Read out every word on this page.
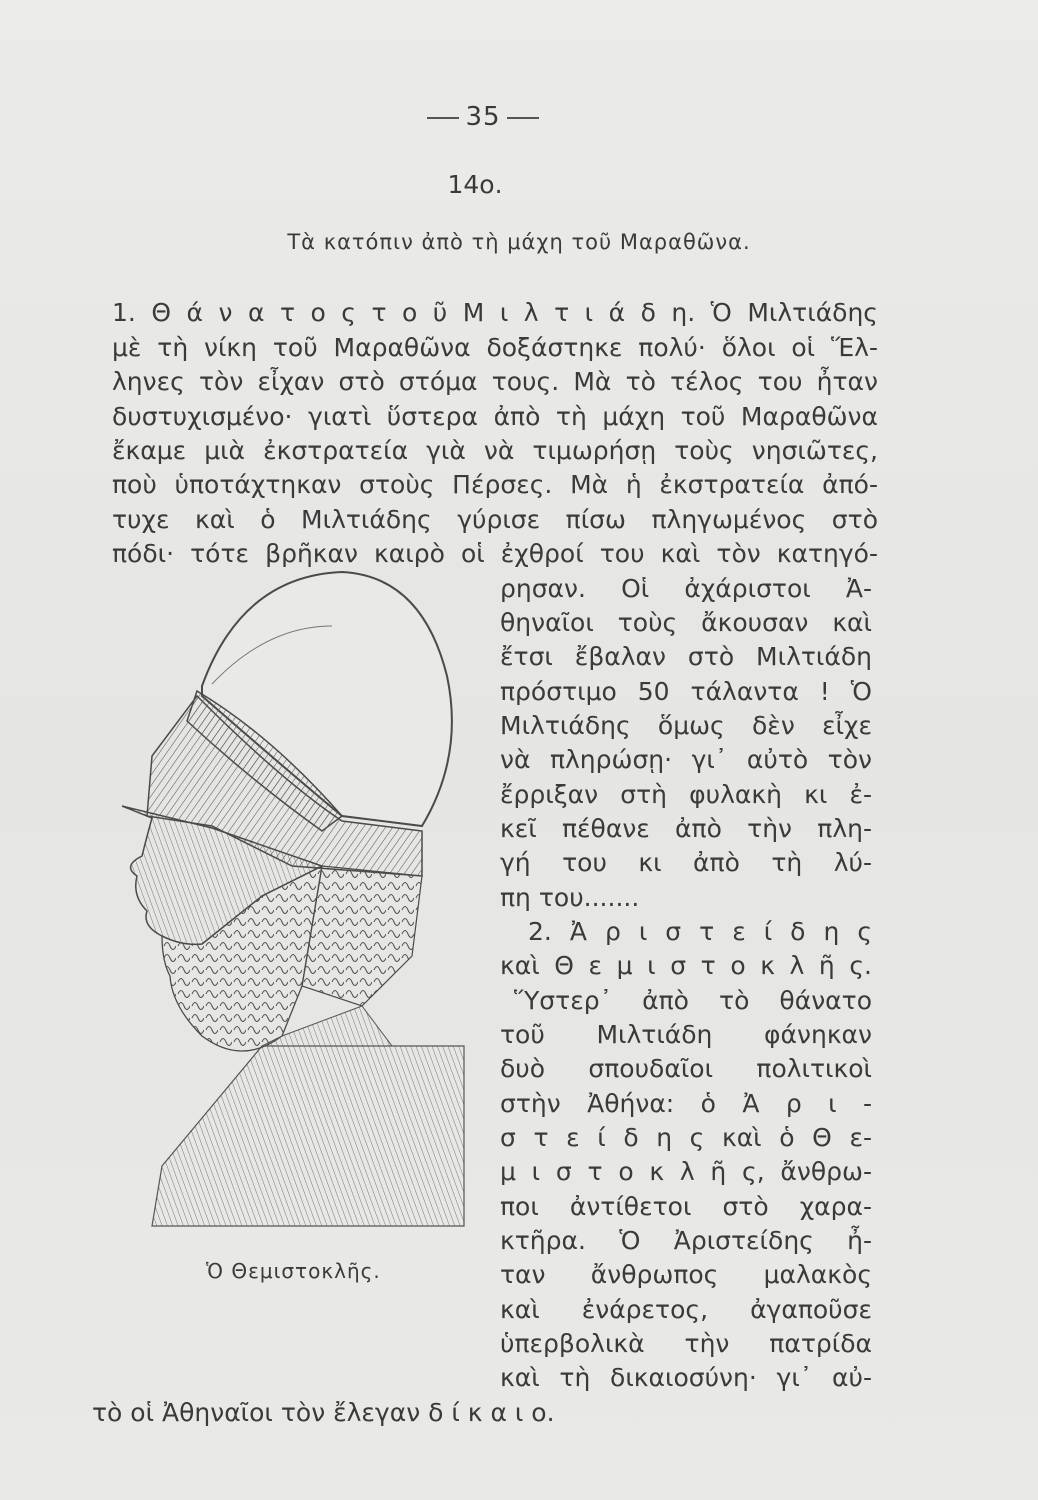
35
14ο.
Τὰ κατόπιν ἀπὸ τὴ μάχη τοῦ Μαραθῶνα.
1. Θ ά ν α τ ο ς τ ο ῦ Μ ι λ τ ι ά δ η. Ὁ Μιλτιάδης
μὲ τὴ νίκη τοῦ Μαραθῶνα δοξάστηκε πολύ· ὅλοι οἱ Ἕλ-
ληνες τὸν εἶχαν στὸ στόμα τους. Μὰ τὸ τέλος του ἦταν
δυστυχισμένο· γιατὶ ὕστερα ἀπὸ τὴ μάχη τοῦ Μαραθῶνα
ἔκαμε μιὰ ἐκστρατεία γιὰ νὰ τιμωρήσῃ τοὺς νησιῶτες,
ποὺ ὑποτάχτηκαν στοὺς Πέρσες. Μὰ ἡ ἐκστρατεία ἀπό-
τυχε καὶ ὁ Μιλτιάδης γύρισε πίσω πληγωμένος στὸ
πόδι· τότε βρῆκαν καιρὸ οἱ ἐχθροί του καὶ τὸν κατηγό-
ρησαν. Οἱ ἀχάριστοι Ἀ-
θηναῖοι τοὺς ἄκουσαν καὶ
ἔτσι ἔβαλαν στὸ Μιλτιάδη
πρόστιμο 50 τάλαντα ! Ὁ
Μιλτιάδης ὅμως δὲν εἶχε
νὰ πληρώσῃ· γι᾿ αὐτὸ τὸν
ἔρριξαν στὴ φυλακὴ κι ἐ-
κεῖ πέθανε ἀπὸ τὴν πλη-
γή του κι ἀπὸ τὴ λύ-
πη του.......
2. Ἀ ρ ι σ τ ε ί δ η ς
καὶ Θ ε μ ι σ τ ο κ λ ῆ ς.
Ὕστερ᾿ ἀπὸ τὸ θάνατο
τοῦ Μιλτιάδη φάνηκαν
δυὸ σπουδαῖοι πολιτικοὶ
στὴν Ἀθήνα: ὁ Ἀ ρ ι -
σ τ ε ί δ η ς καὶ ὁ Θ ε-
μ ι σ τ ο κ λ ῆ ς, ἄνθρω-
ποι ἀντίθετοι στὸ χαρα-
κτῆρα. Ὁ Ἀριστείδης ἦ-
ταν ἄνθρωπος μαλακὸς
καὶ ἐνάρετος, ἀγαποῦσε
ὑπερβολικὰ τὴν πατρίδα
καὶ τὴ δικαιοσύνη· γι᾿ αὐ-
τὸ οἱ Ἀθηναῖοι τὸν ἔλεγαν δ ί κ α ι ο.
Ὁ Θεμιστοκλῆς.
